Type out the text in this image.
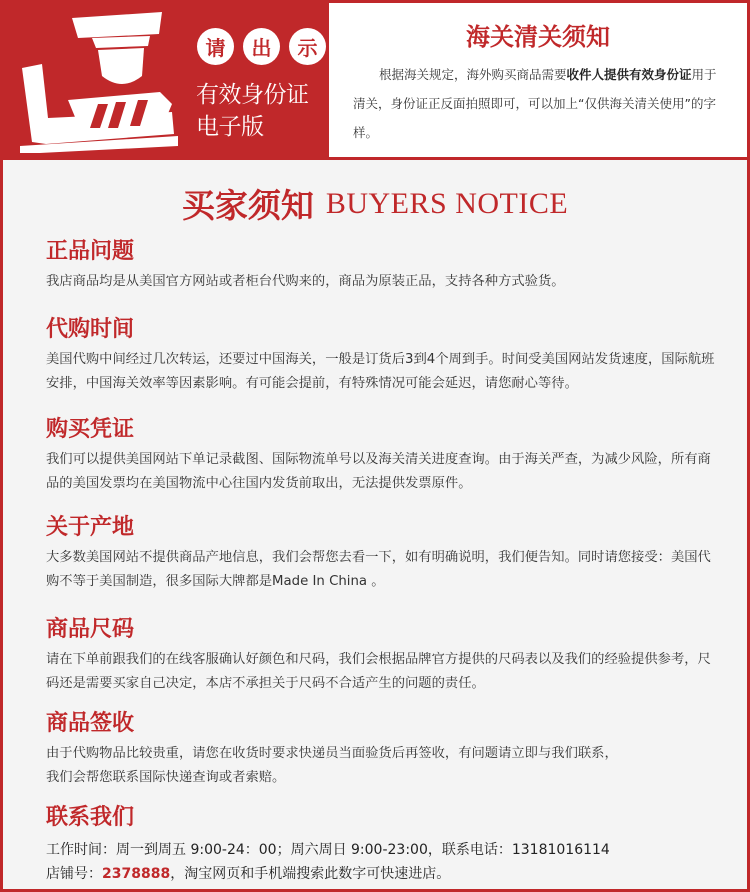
请	出	示
有效身份证
电子版
海关清关须知

根据海关规定，海外购买商品需要收件人提供有效身份证用于清关，身份证正反面拍照即可，可以加上“仅供海关清关使用”的字样。

买家须知 BUYERS NOTICE
正品问题
我店商品均是从美国官方网站或者柜台代购来的，商品为原装正品，支持各种方式验货。
代购时间
美国代购中间经过几次转运，还要过中国海关，一般是订货后3到4个周到手。时间受美国网站发货速度，国际航班安排，中国海关效率等因素影响。有可能会提前，有特殊情况可能会延迟，请您耐心等待。
购买凭证
我们可以提供美国网站下单记录截图、国际物流单号以及海关清关进度查询。由于海关严查，为减少风险，所有商品的美国发票均在美国物流中心往国内发货前取出，无法提供发票原件。
关于产地
大多数美国网站不提供商品产地信息，我们会帮您去看一下，如有明确说明，我们便告知。同时请您接受：美国代购不等于美国制造，很多国际大牌都是Made In China 。
商品尺码
请在下单前跟我们的在线客服确认好颜色和尺码，我们会根据品牌官方提供的尺码表以及我们的经验提供参考，尺码还是需要买家自己决定，本店不承担关于尺码不合适产生的问题的责任。
商品签收
由于代购物品比较贵重，请您在收货时要求快递员当面验货后再签收，有问题请立即与我们联系，
我们会帮您联系国际快递查询或者索赔。
联系我们
工作时间：周一到周五 9:00-24：00；周六周日 9:00-23:00，联系电话：13181016114
店铺号：2378888，淘宝网页和手机端搜索此数字可快速进店。
